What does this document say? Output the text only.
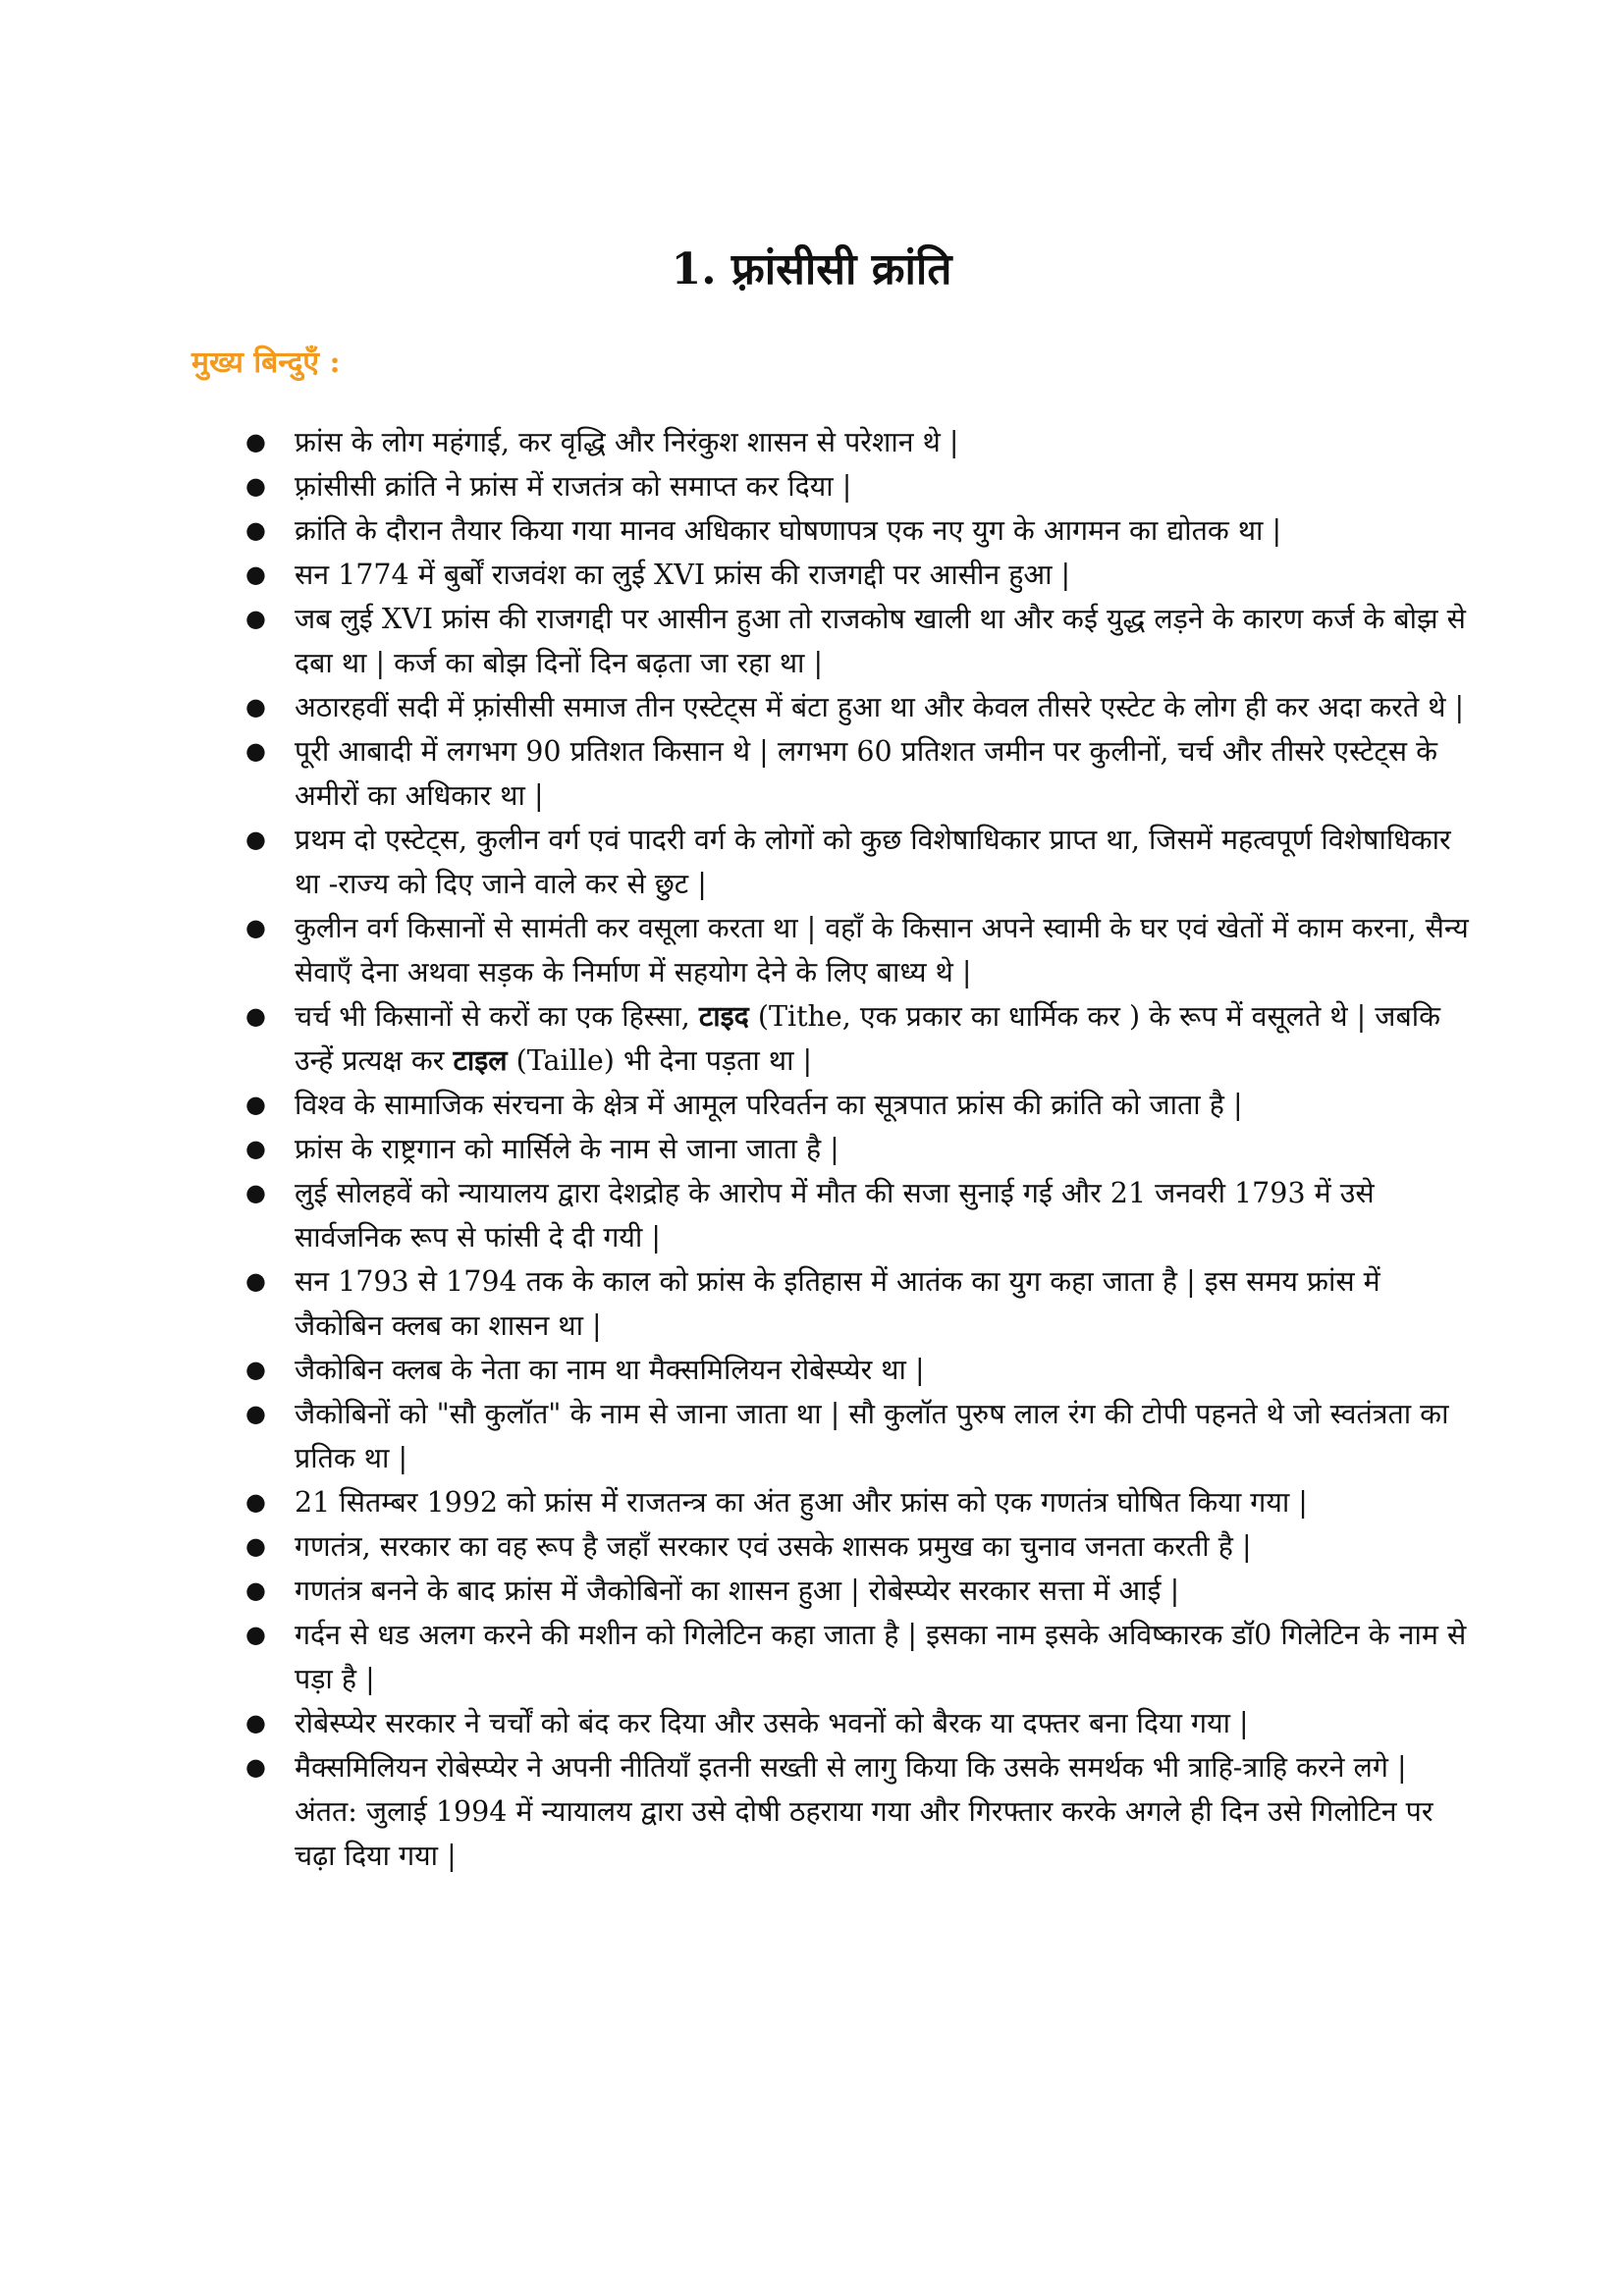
1. फ़्रांसीसी क्रांति
मुख्य बिन्दुएँ :
● फ्रांस के लोग महंगाई, कर वृद्धि और निरंकुश शासन से परेशान थे |
● फ़्रांसीसी क्रांति ने फ्रांस में राजतंत्र को समाप्त कर दिया |
● क्रांति के दौरान तैयार किया गया मानव अधिकार घोषणापत्र एक नए युग के आगमन का द्योतक था |
● सन 1774 में बुर्बों राजवंश का लुई XVI फ्रांस की राजगद्दी पर आसीन हुआ |
● जब लुई XVI फ्रांस की राजगद्दी पर आसीन हुआ तो राजकोष खाली था और कई युद्ध लड़ने के कारण कर्ज के बोझ से दबा था | कर्ज का बोझ दिनों दिन बढ़ता जा रहा था |
● अठारहवीं सदी में फ़्रांसीसी समाज तीन एस्टेट्स में बंटा हुआ था और केवल तीसरे एस्टेट के लोग ही कर अदा करते थे |
● पूरी आबादी में लगभग 90 प्रतिशत किसान थे | लगभग 60 प्रतिशत जमीन पर कुलीनों, चर्च और तीसरे एस्टेट्स के अमीरों का अधिकार था |
● प्रथम दो एस्टेट्स, कुलीन वर्ग एवं पादरी वर्ग के लोगों को कुछ विशेषाधिकार प्राप्त था, जिसमें महत्वपूर्ण विशेषाधिकार था -राज्य को दिए जाने वाले कर से छुट |
● कुलीन वर्ग किसानों से सामंती कर वसूला करता था | वहाँ के किसान अपने स्वामी के घर एवं खेतों में काम करना, सैन्य सेवाएँ देना अथवा सड़क के निर्माण में सहयोग देने के लिए बाध्य थे |
● चर्च भी किसानों से करों का एक हिस्सा, टाइद (Tithe, एक प्रकार का धार्मिक कर ) के रूप में वसूलते थे | जबकि उन्हें प्रत्यक्ष कर टाइल (Taille) भी देना पड़ता था |
● विश्व के सामाजिक संरचना के क्षेत्र में आमूल परिवर्तन का सूत्रपात फ्रांस की क्रांति को जाता है |
● फ्रांस के राष्ट्रगान को मार्सिले के नाम से जाना जाता है |
● लुई सोलहवें को न्यायालय द्वारा देशद्रोह के आरोप में मौत की सजा सुनाई गई और 21 जनवरी 1793 में उसे सार्वजनिक रूप से फांसी दे दी गयी |
● सन 1793 से 1794 तक के काल को फ्रांस के इतिहास में आतंक का युग कहा जाता है | इस समय फ्रांस में जैकोबिन क्लब का शासन था |
● जैकोबिन क्लब के नेता का नाम था मैक्समिलियन रोबेस्प्येर था |
● जैकोबिनों को "सौ कुलॉत" के नाम से जाना जाता था | सौ कुलॉत पुरुष लाल रंग की टोपी पहनते थे जो स्वतंत्रता का प्रतिक था |
● 21 सितम्बर 1992 को फ्रांस में राजतन्त्र का अंत हुआ और फ्रांस को एक गणतंत्र घोषित किया गया |
● गणतंत्र, सरकार का वह रूप है जहाँ सरकार एवं उसके शासक प्रमुख का चुनाव जनता करती है |
● गणतंत्र बनने के बाद फ्रांस में जैकोबिनों का शासन हुआ | रोबेस्प्येर सरकार सत्ता में आई |
● गर्दन से धड अलग करने की मशीन को गिलेटिन कहा जाता है | इसका नाम इसके अविष्कारक डॉ0 गिलेटिन के नाम से पड़ा है |
● रोबेस्प्येर सरकार ने चर्चों को बंद कर दिया और उसके भवनों को बैरक या दफ्तर बना दिया गया |
● मैक्समिलियन रोबेस्प्येर ने अपनी नीतियाँ इतनी सख्ती से लागु किया कि उसके समर्थक भी त्राहि-त्राहि करने लगे | अंतत: जुलाई 1994 में न्यायालय द्वारा उसे दोषी ठहराया गया और गिरफ्तार करके अगले ही दिन उसे गिलोटिन पर चढ़ा दिया गया |
